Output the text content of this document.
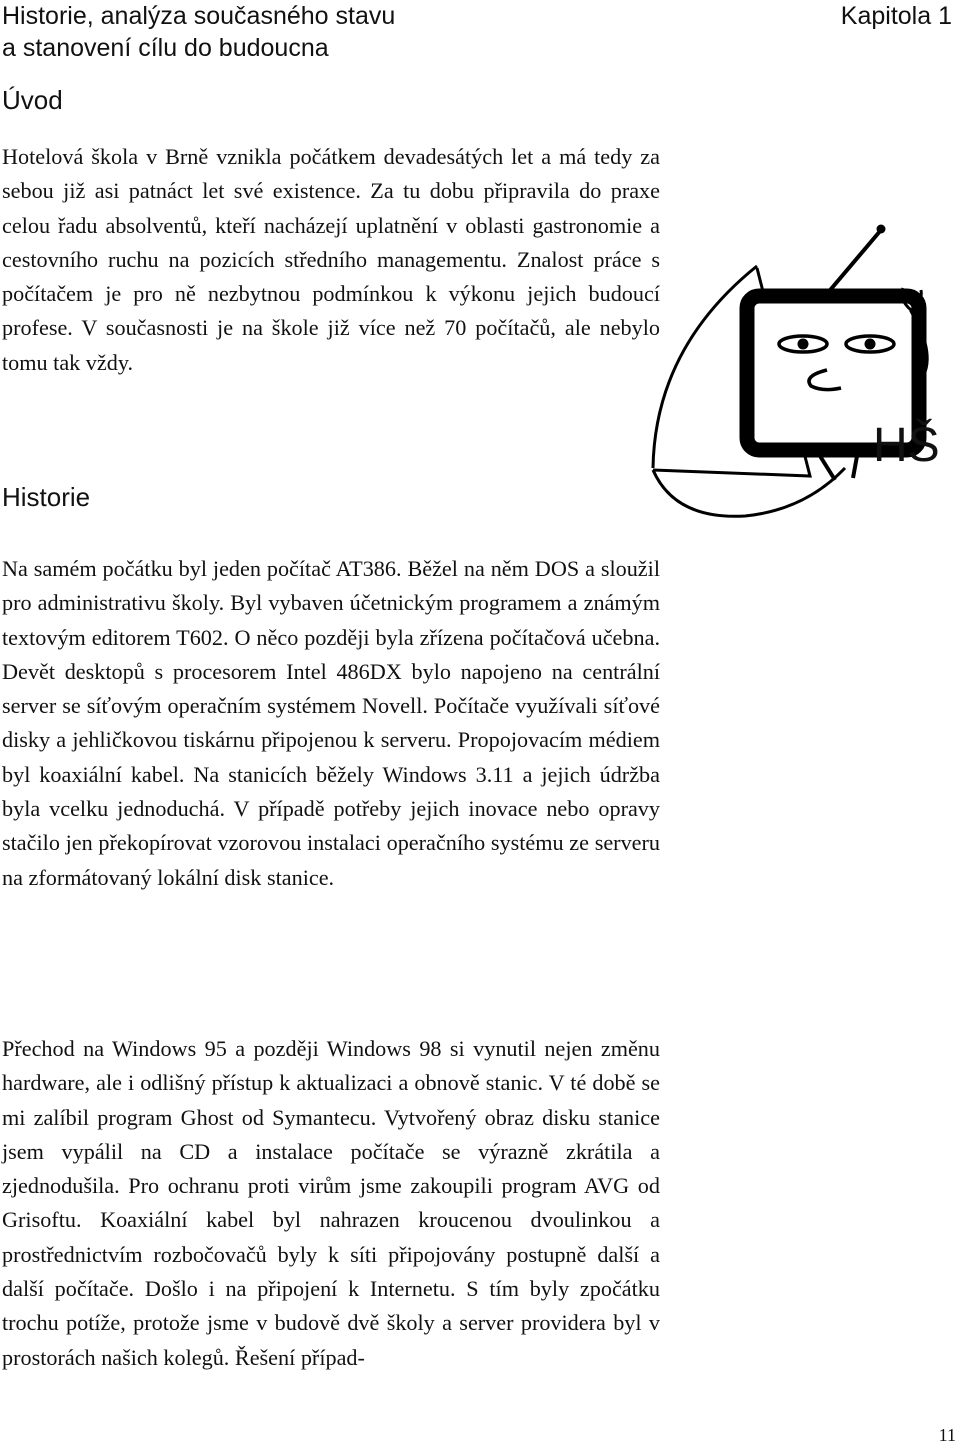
Historie, analýza současného stavu
a stanovení cílu do budoucna
Kapitola 1
Úvod

Hotelová škola v Brně vznikla počátkem devadesátých let a má tedy za sebou již asi patnáct let své existence. Za tu dobu připravila do praxe celou řadu absolventů, kteří nacházejí uplatnění v oblasti gastronomie a cestovního ruchu na pozicích středního managementu. Znalost práce s počítačem je pro ně nezbytnou podmínkou k výkonu jejich budoucí profese. V současnosti je na škole již více než 70 počítačů, ale nebylo tomu tak vždy.

HŠ
Historie

Na samém počátku byl jeden počítač AT386. Běžel na něm DOS a sloužil pro administrativu školy. Byl vybaven účetnickým programem a známým textovým editorem T602. O něco později byla zřízena počítačová učebna. Devět desktopů s procesorem Intel 486DX bylo napojeno na centrální server se síťovým operačním systémem Novell. Počítače využívali síťové disky a jehličkovou tiskárnu připojenou k serveru. Propojovacím médiem byl koaxiální kabel. Na stanicích běžely Windows 3.11 a jejich údržba byla vcelku jednoduchá. V případě potřeby jejich inovace nebo opravy stačilo jen překopírovat vzorovou instalaci operačního systému ze serveru na zformátovaný lokální disk stanice.

Přechod na Windows 95 a později Windows 98 si vynutil nejen změnu hardware, ale i odlišný přístup k aktualizaci a obnově stanic. V té době se mi zalíbil program Ghost od Symantecu. Vytvořený obraz disku stanice jsem vypálil na CD a instalace počítače se výrazně zkrátila a zjednodušila. Pro ochranu proti virům jsme zakoupili program AVG od Grisoftu. Koaxiální kabel byl nahrazen kroucenou dvoulinkou a prostřednictvím rozbočovačů byly k síti připojovány postupně další a další počítače. Došlo i na připojení k Internetu. S tím byly zpočátku trochu potíže, protože jsme v budově dvě školy a server providera byl v prostorách našich kolegů. Řešení případ-

11
